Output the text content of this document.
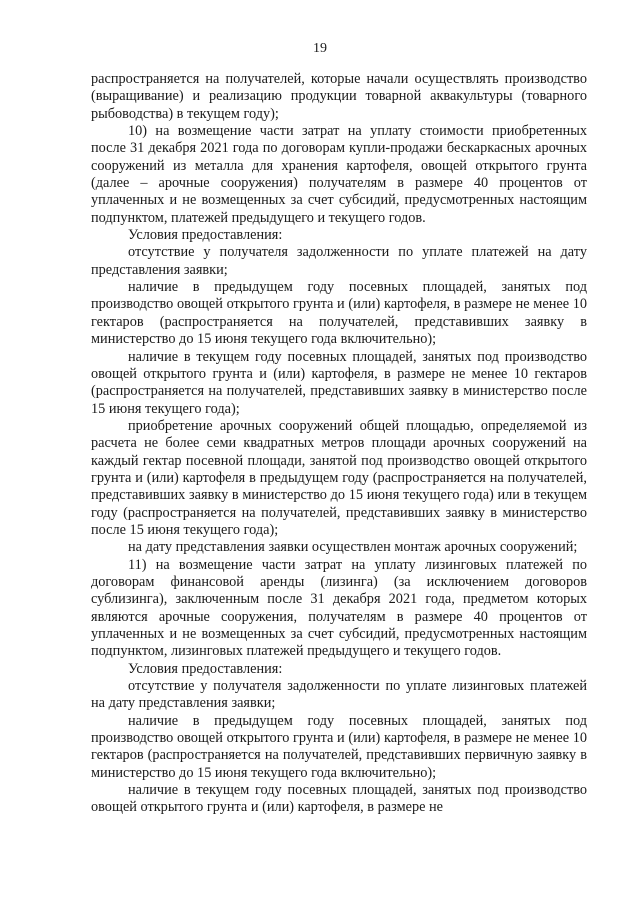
19

распространяется на получателей, которые начали осуществлять производство (выращивание) и реализацию продукции товарной аквакультуры (товарного рыбоводства) в текущем году);

10) на возмещение части затрат на уплату стоимости приобретенных после 31 декабря 2021 года по договорам купли-продажи бескаркасных арочных сооружений из металла для хранения картофеля, овощей открытого грунта (далее – арочные сооружения) получателям в размере 40 процентов от уплаченных и не возмещенных за счет субсидий, предусмотренных настоящим подпунктом, платежей предыдущего и текущего годов.

Условия предоставления:

отсутствие у получателя задолженности по уплате платежей на дату представления заявки;

наличие в предыдущем году посевных площадей, занятых под производство овощей открытого грунта и (или) картофеля, в размере не менее 10 гектаров (распространяется на получателей, представивших заявку в министерство до 15 июня текущего года включительно);

наличие в текущем году посевных площадей, занятых под производство овощей открытого грунта и (или) картофеля, в размере не менее 10 гектаров (распространяется на получателей, представивших заявку в министерство после 15 июня текущего года);

приобретение арочных сооружений общей площадью, определяемой из расчета не более семи квадратных метров площади арочных сооружений на каждый гектар посевной площади, занятой под производство овощей открытого грунта и (или) картофеля в предыдущем году (распространяется на получателей, представивших заявку в министерство до 15 июня текущего года) или в текущем году (распространяется на получателей, представивших заявку в министерство после 15 июня текущего года);

на дату представления заявки осуществлен монтаж арочных сооружений;

11) на возмещение части затрат на уплату лизинговых платежей по договорам финансовой аренды (лизинга) (за исключением договоров сублизинга), заключенным после 31 декабря 2021 года, предметом которых являются арочные сооружения, получателям в размере 40 процентов от уплаченных и не возмещенных за счет субсидий, предусмотренных настоящим подпунктом, лизинговых платежей предыдущего и текущего годов.

Условия предоставления:

отсутствие у получателя задолженности по уплате лизинговых платежей на дату представления заявки;

наличие в предыдущем году посевных площадей, занятых под производство овощей открытого грунта и (или) картофеля, в размере не менее 10 гектаров (распространяется на получателей, представивших первичную заявку в министерство до 15 июня текущего года включительно);

наличие в текущем году посевных площадей, занятых под производство овощей открытого грунта и (или) картофеля, в размере не
